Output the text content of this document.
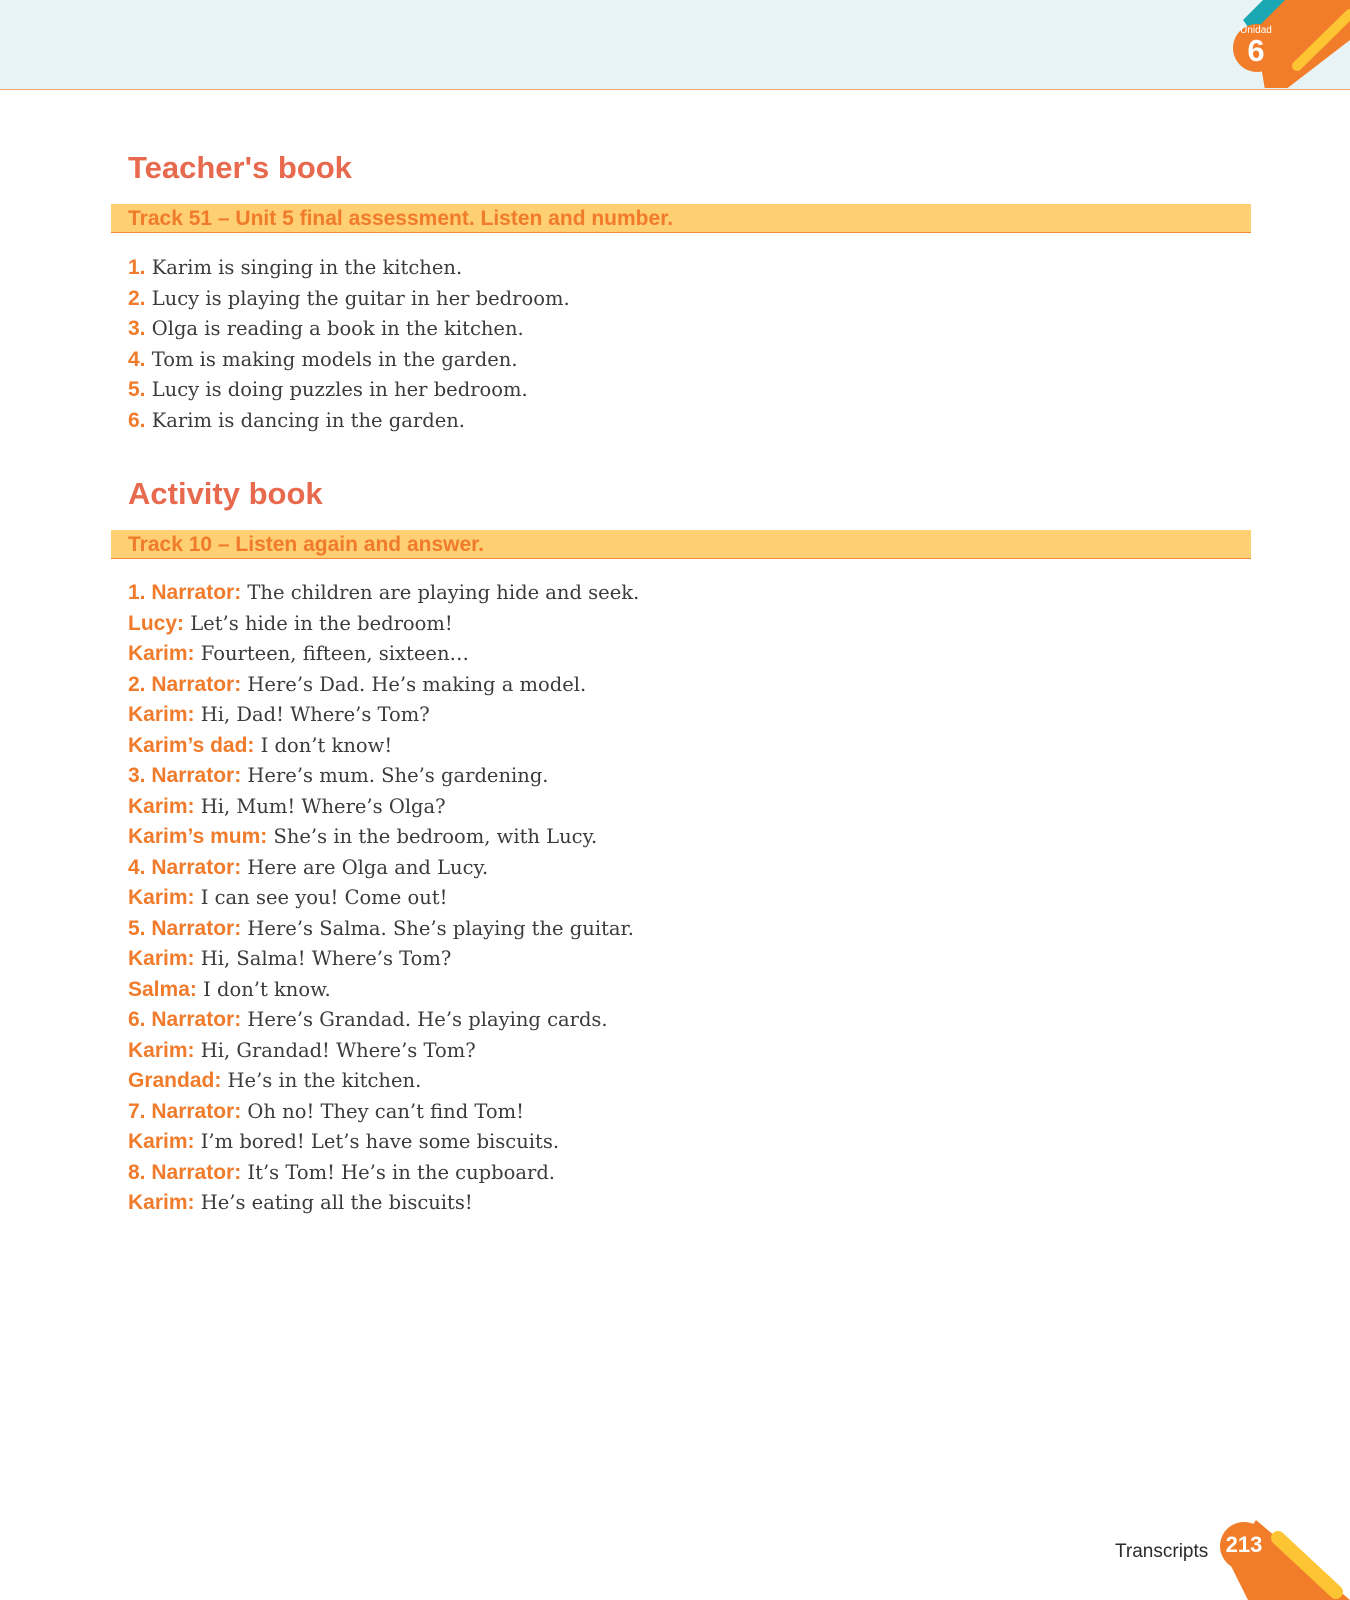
Unidad
6
Teacher's book
Track 51 – Unit 5 final assessment. Listen and number.
1. Karim is singing in the kitchen.
2. Lucy is playing the guitar in her bedroom.
3. Olga is reading a book in the kitchen.
4. Tom is making models in the garden.
5. Lucy is doing puzzles in her bedroom.
6. Karim is dancing in the garden.
Activity book
Track 10 – Listen again and answer.
1. Narrator: The children are playing hide and seek.
Lucy: Let’s hide in the bedroom!
Karim: Fourteen, fifteen, sixteen…
2. Narrator: Here’s Dad. He’s making a model.
Karim: Hi, Dad! Where’s Tom?
Karim’s dad: I don’t know!
3. Narrator: Here’s mum. She’s gardening.
Karim: Hi, Mum! Where’s Olga?
Karim’s mum: She’s in the bedroom, with Lucy.
4. Narrator: Here are Olga and Lucy.
Karim: I can see you! Come out!
5. Narrator: Here’s Salma. She’s playing the guitar.
Karim: Hi, Salma! Where’s Tom?
Salma: I don’t know.
6. Narrator: Here’s Grandad. He’s playing cards.
Karim: Hi, Grandad! Where’s Tom?
Grandad: He’s in the kitchen.
7. Narrator: Oh no! They can’t find Tom!
Karim: I’m bored! Let’s have some biscuits.
8. Narrator: It’s Tom! He’s in the cupboard.
Karim: He’s eating all the biscuits!
Transcripts 213
